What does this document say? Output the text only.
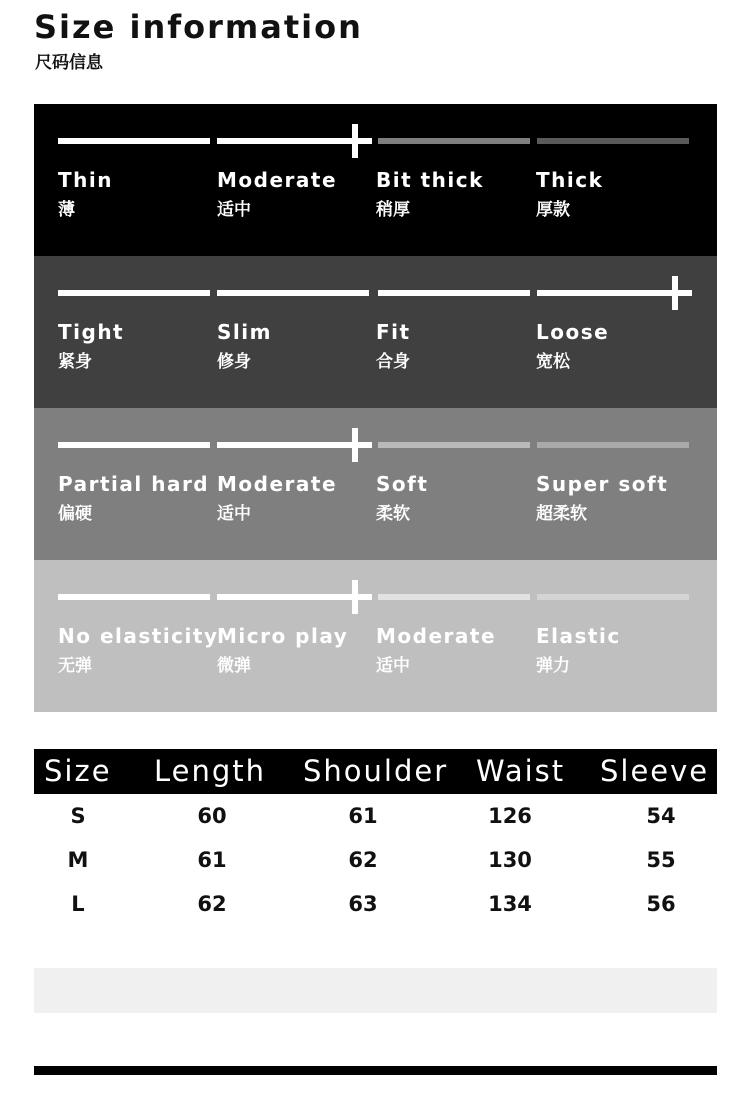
Size information
尺码信息
Thin
薄
Moderate
适中
Bit thick
稍厚
Thick
厚款
Tight
紧身
Slim
修身
Fit
合身
Loose
宽松
Partial hard
偏硬
Moderate
适中
Soft
柔软
Super soft
超柔软
No elasticity
无弹
Micro play
微弹
Moderate
适中
Elastic
弹力
Size Length Shoulder Waist Sleeve
S	60	61	126	54
M	61	62	130	55
L	62	63	134	56
